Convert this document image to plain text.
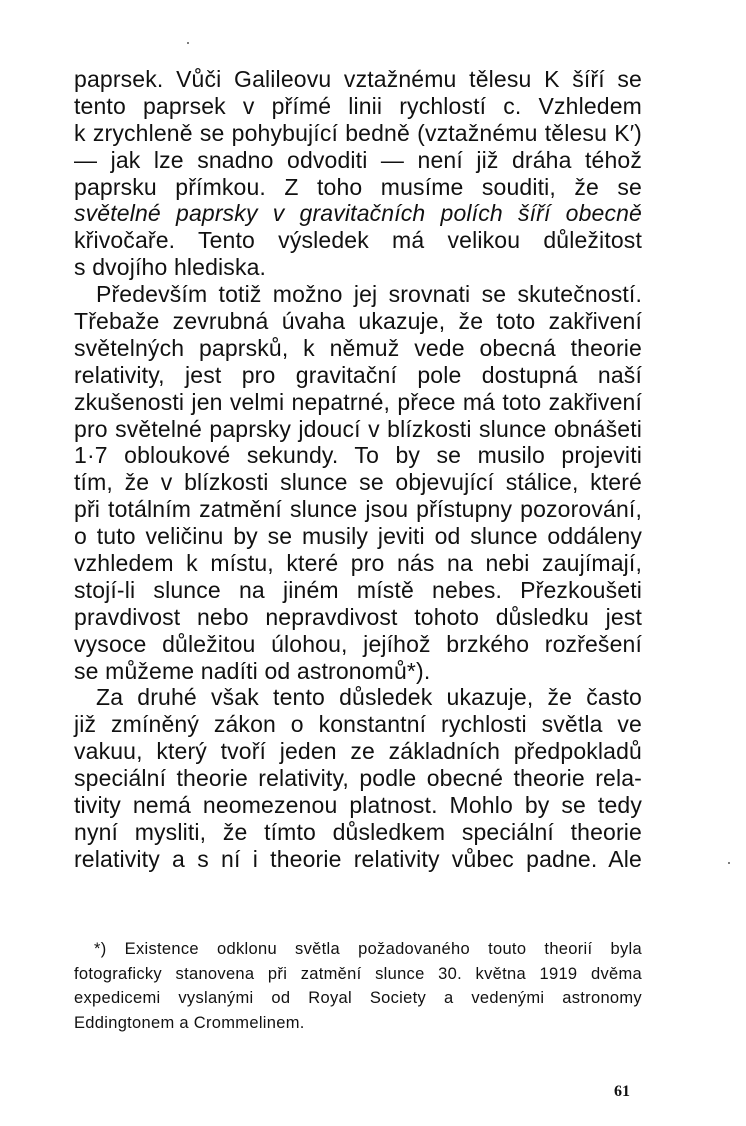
paprsek. Vůči Galileovu vztažnému tělesu K šíří se
tento paprsek v přímé linii rychlostí c. Vzhledem
k zrychleně se pohybující bedně (vztažnému tělesu K′)
— jak lze snadno odvoditi — není již dráha téhož
paprsku přímkou. Z toho musíme souditi, že se
světelné paprsky v gravitačních polích šíří obecně
křivočaře. Tento výsledek má velikou důležitost
s dvojího hlediska.
Především totiž možno jej srovnati se skutečností.
Třebaže zevrubná úvaha ukazuje, že toto zakřivení
světelných paprsků, k němuž vede obecná theorie
relativity, jest pro gravitační pole dostupná naší
zkušenosti jen velmi nepatrné, přece má toto zakřivení
pro světelné paprsky jdoucí v blízkosti slunce obnášeti
1·7 obloukové sekundy. To by se musilo projeviti
tím, že v blízkosti slunce se objevující stálice, které
při totálním zatmění slunce jsou přístupny pozorování,
o tuto veličinu by se musily jeviti od slunce oddáleny
vzhledem k místu, které pro nás na nebi zaujímají,
stojí-li slunce na jiném místě nebes. Přezkoušeti
pravdivost nebo nepravdivost tohoto důsledku jest
vysoce důležitou úlohou, jejíhož brzkého rozřešení
se můžeme nadíti od astronomů*).
Za druhé však tento důsledek ukazuje, že často
již zmíněný zákon o konstantní rychlosti světla ve
vakuu, který tvoří jeden ze základních předpokladů
speciální theorie relativity, podle obecné theorie rela-
tivity nemá neomezenou platnost. Mohlo by se tedy
nyní mysliti, že tímto důsledkem speciální theorie
relativity a s ní i theorie relativity vůbec padne. Ale
*) Existence odklonu světla požadovaného touto theorií byla
fotograficky stanovena při zatmění slunce 30. května 1919 dvěma
expedicemi vyslanými od Royal Society a vedenými astronomy
Eddingtonem a Crommelinem.
61
